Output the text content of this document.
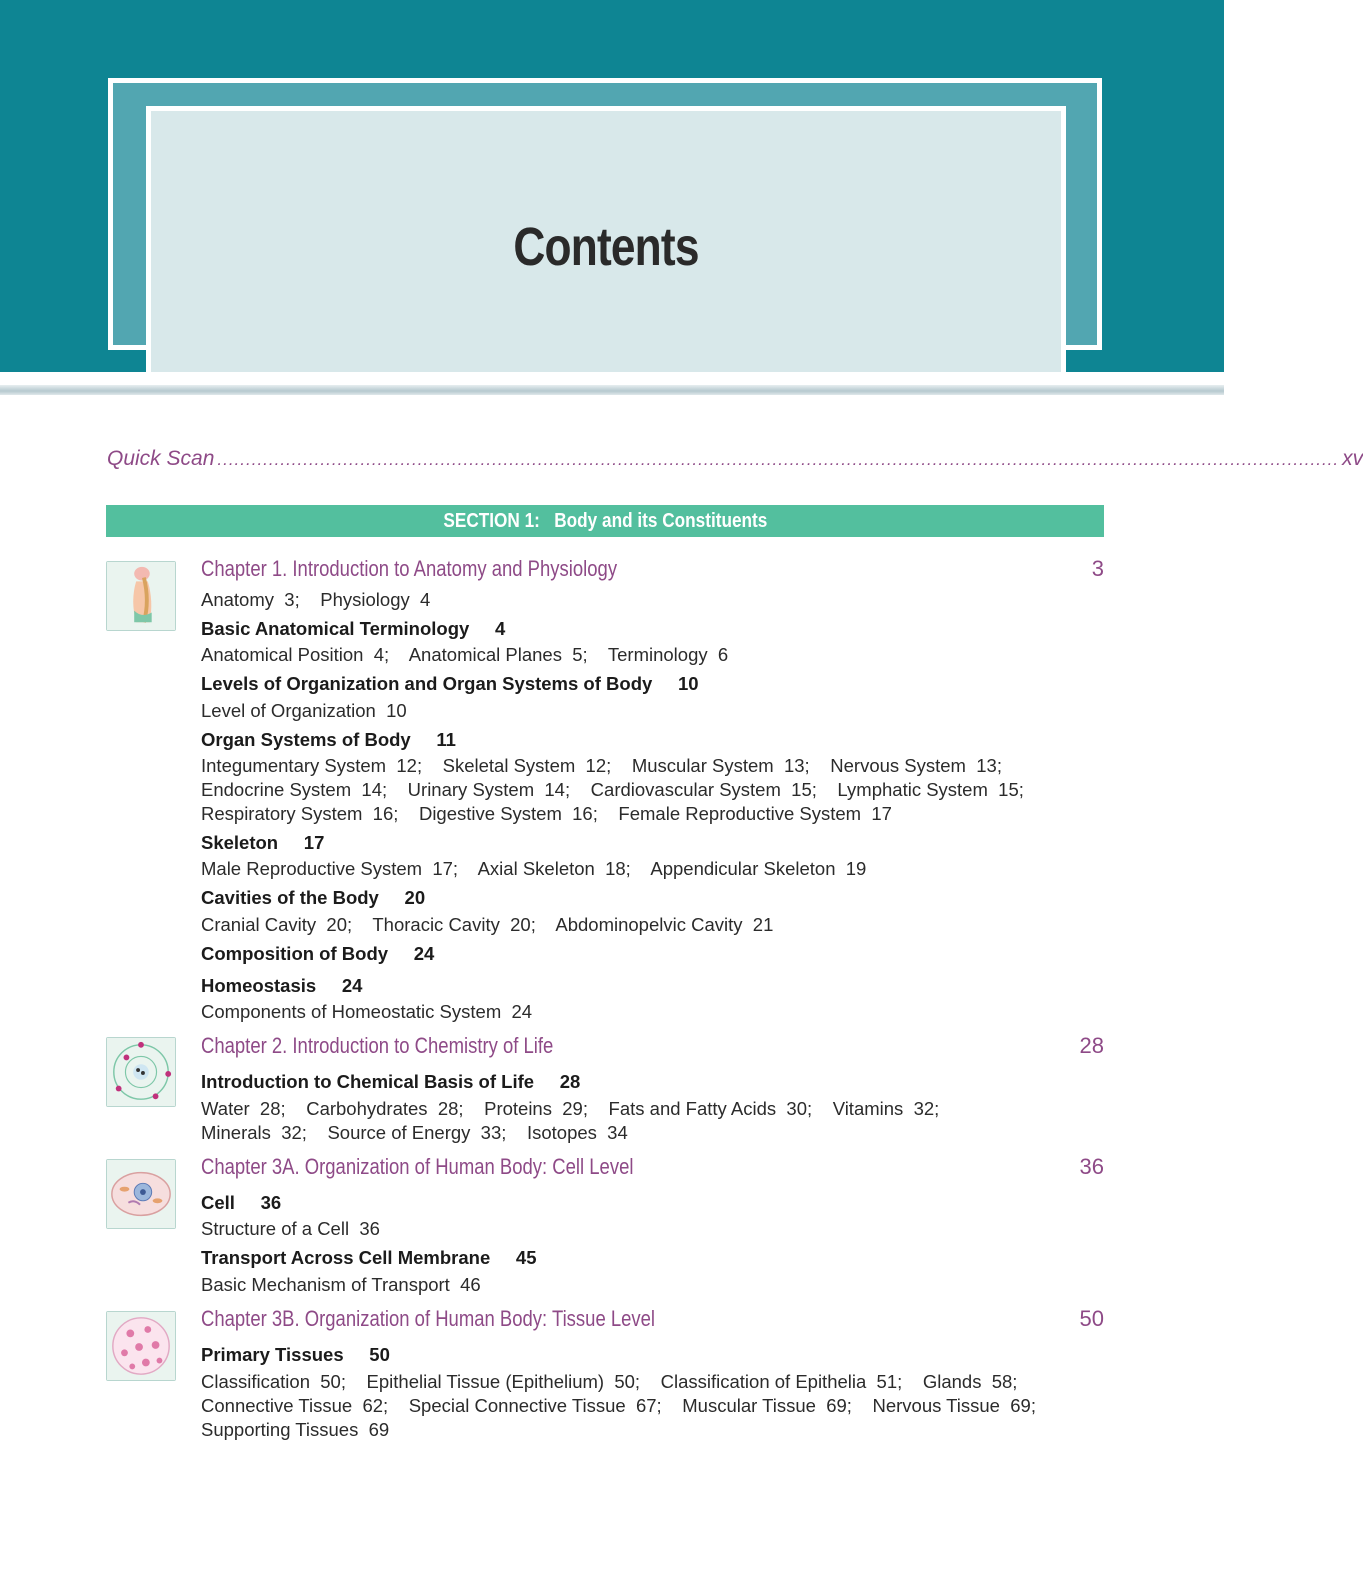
Contents
Quick Scan .................................................................................................................................................................................................... xv
SECTION 1:   Body and its Constituents
Chapter 1. Introduction to Anatomy and Physiology	3
Anatomy  3;    Physiology  4
Basic Anatomical Terminology     4
Anatomical Position  4;    Anatomical Planes  5;    Terminology  6
Levels of Organization and Organ Systems of Body     10
Level of Organization  10
Organ Systems of Body     11
Integumentary System  12;    Skeletal System  12;    Muscular System  13;    Nervous System  13;
Endocrine System  14;    Urinary System  14;    Cardiovascular System  15;    Lymphatic System  15;
Respiratory System  16;    Digestive System  16;    Female Reproductive System  17
Skeleton     17
Male Reproductive System  17;    Axial Skeleton  18;    Appendicular Skeleton  19
Cavities of the Body     20
Cranial Cavity  20;    Thoracic Cavity  20;    Abdominopelvic Cavity  21
Composition of Body     24
Homeostasis     24
Components of Homeostatic System  24
Chapter 2. Introduction to Chemistry of Life	28
Introduction to Chemical Basis of Life     28
Water  28;    Carbohydrates  28;    Proteins  29;    Fats and Fatty Acids  30;    Vitamins  32;
Minerals  32;    Source of Energy  33;    Isotopes  34
Chapter 3A. Organization of Human Body: Cell Level	36
Cell     36
Structure of a Cell  36
Transport Across Cell Membrane     45
Basic Mechanism of Transport  46
Chapter 3B. Organization of Human Body: Tissue Level	50
Primary Tissues     50
Classification  50;    Epithelial Tissue (Epithelium)  50;    Classification of Epithelia  51;    Glands  58;
Connective Tissue  62;    Special Connective Tissue  67;    Muscular Tissue  69;    Nervous Tissue  69;
Supporting Tissues  69
